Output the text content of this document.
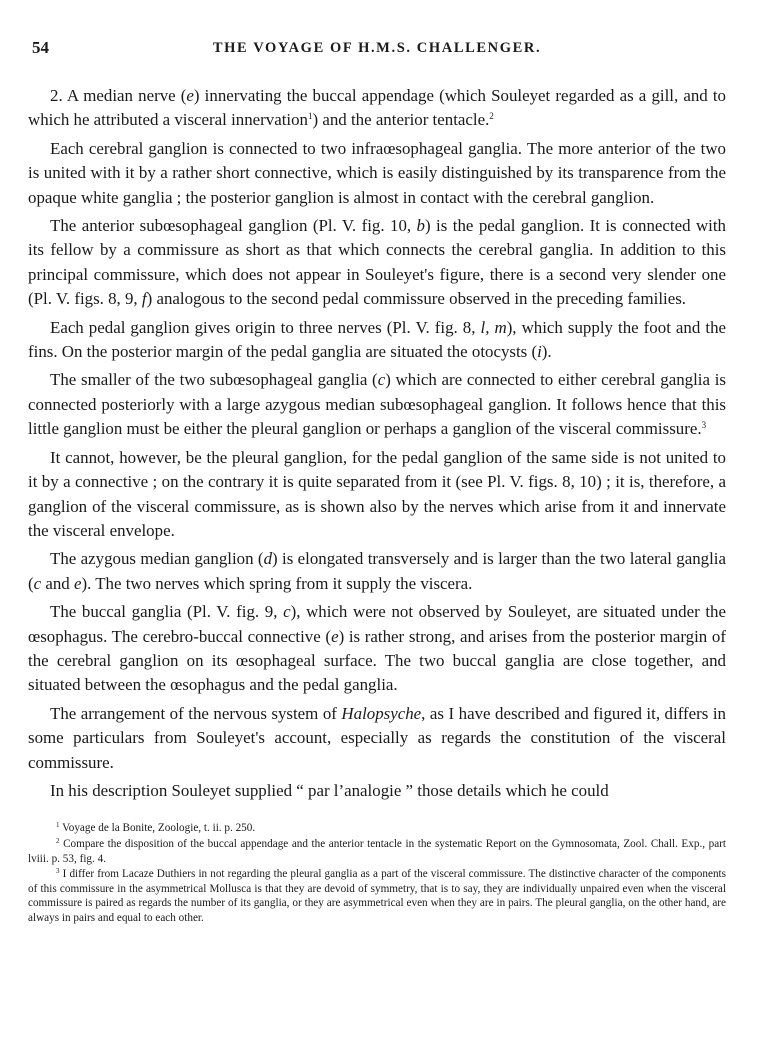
54	THE VOYAGE OF H.M.S. CHALLENGER.

2. A median nerve (e) innervating the buccal appendage (which Souleyet regarded as a gill, and to which he attributed a visceral innervation$^1$) and the anterior tentacle.$^2$

Each cerebral ganglion is connected to two infraœsophageal ganglia. The more anterior of the two is united with it by a rather short connective, which is easily distinguished by its transparence from the opaque white ganglia ; the posterior ganglion is almost in contact with the cerebral ganglion.

The anterior subœsophageal ganglion (Pl. V. fig. 10, b) is the pedal ganglion. It is connected with its fellow by a commissure as short as that which connects the cerebral ganglia. In addition to this principal commissure, which does not appear in Souleyet's figure, there is a second very slender one (Pl. V. figs. 8, 9, f) analogous to the second pedal commissure observed in the preceding families.

Each pedal ganglion gives origin to three nerves (Pl. V. fig. 8, l, m), which supply the foot and the fins. On the posterior margin of the pedal ganglia are situated the otocysts (i).

The smaller of the two subœsophageal ganglia (c) which are connected to either cerebral ganglia is connected posteriorly with a large azygous median subœsophageal ganglion. It follows hence that this little ganglion must be either the pleural ganglion or perhaps a ganglion of the visceral commissure.$^3$

It cannot, however, be the pleural ganglion, for the pedal ganglion of the same side is not united to it by a connective ; on the contrary it is quite separated from it (see Pl. V. figs. 8, 10) ; it is, therefore, a ganglion of the visceral commissure, as is shown also by the nerves which arise from it and innervate the visceral envelope.

The azygous median ganglion (d) is elongated transversely and is larger than the two lateral ganglia (c and e). The two nerves which spring from it supply the viscera.

The buccal ganglia (Pl. V. fig. 9, c), which were not observed by Souleyet, are situated under the œsophagus. The cerebro-buccal connective (e) is rather strong, and arises from the posterior margin of the cerebral ganglion on its œsophageal surface. The two buccal ganglia are close together, and situated between the œsophagus and the pedal ganglia.

The arrangement of the nervous system of Halopsyche, as I have described and figured it, differs in some particulars from Souleyet's account, especially as regards the constitution of the visceral commissure.

In his description Souleyet supplied “ par l’analogie ” those details which he could

$^1$ Voyage de la Bonite, Zoologie, t. ii. p. 250.

$^2$ Compare the disposition of the buccal appendage and the anterior tentacle in the systematic Report on the Gymnosomata, Zool. Chall. Exp., part lviii. p. 53, fig. 4.

$^3$ I differ from Lacaze Duthiers in not regarding the pleural ganglia as a part of the visceral commissure. The distinctive character of the components of this commissure in the asymmetrical Mollusca is that they are devoid of symmetry, that is to say, they are individually unpaired even when the visceral commissure is paired as regards the number of its ganglia, or they are asymmetrical even when they are in pairs. The pleural ganglia, on the other hand, are always in pairs and equal to each other.
